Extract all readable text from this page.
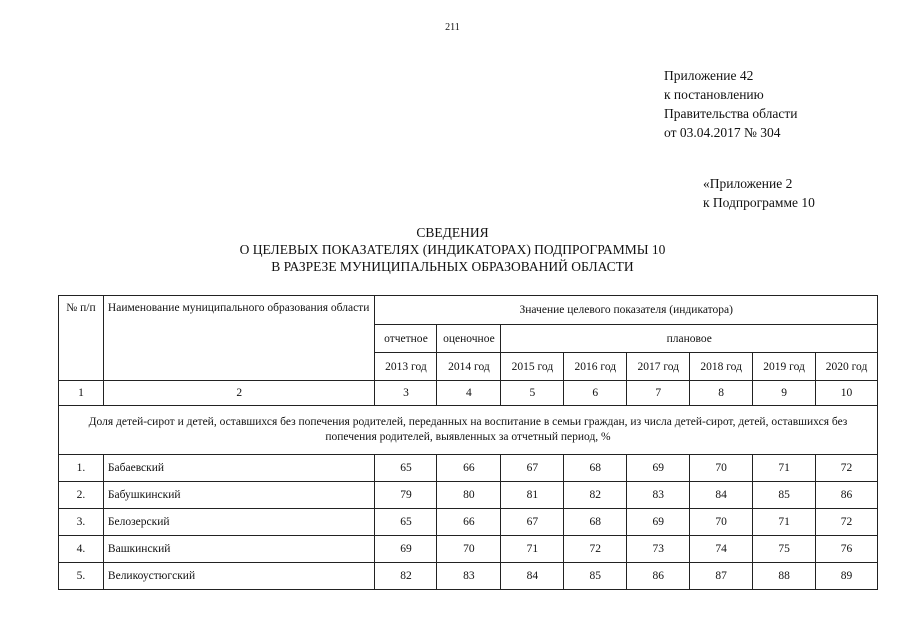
211
Приложение 42
к постановлению
Правительства области
от 03.04.2017 № 304
«Приложение 2
к Подпрограмме 10
СВЕДЕНИЯ
О ЦЕЛЕВЫХ ПОКАЗАТЕЛЯХ (ИНДИКАТОРАХ) ПОДПРОГРАММЫ 10
В РАЗРЕЗЕ МУНИЦИПАЛЬНЫХ ОБРАЗОВАНИЙ ОБЛАСТИ
№ п/п	Наименование муниципального образования области	Значение целевого показателя (индикатора)							
		отчетное	оценочное	плановое					
		2013 год	2014 год	2015 год	2016 год	2017 год	2018 год	2019 год	2020 год
1	2	3	4	5	6	7	8	9	10
Доля детей-сирот и детей, оставшихся без попечения родителей, переданных на воспитание в семьи граждан, из числа детей-сирот, детей, оставшихся без попечения родителей, выявленных за отчетный период, %									
1.	Бабаевский	65	66	67	68	69	70	71	72
2.	Бабушкинский	79	80	81	82	83	84	85	86
3.	Белозерский	65	66	67	68	69	70	71	72
4.	Вашкинский	69	70	71	72	73	74	75	76
5.	Великоустюгский	82	83	84	85	86	87	88	89
